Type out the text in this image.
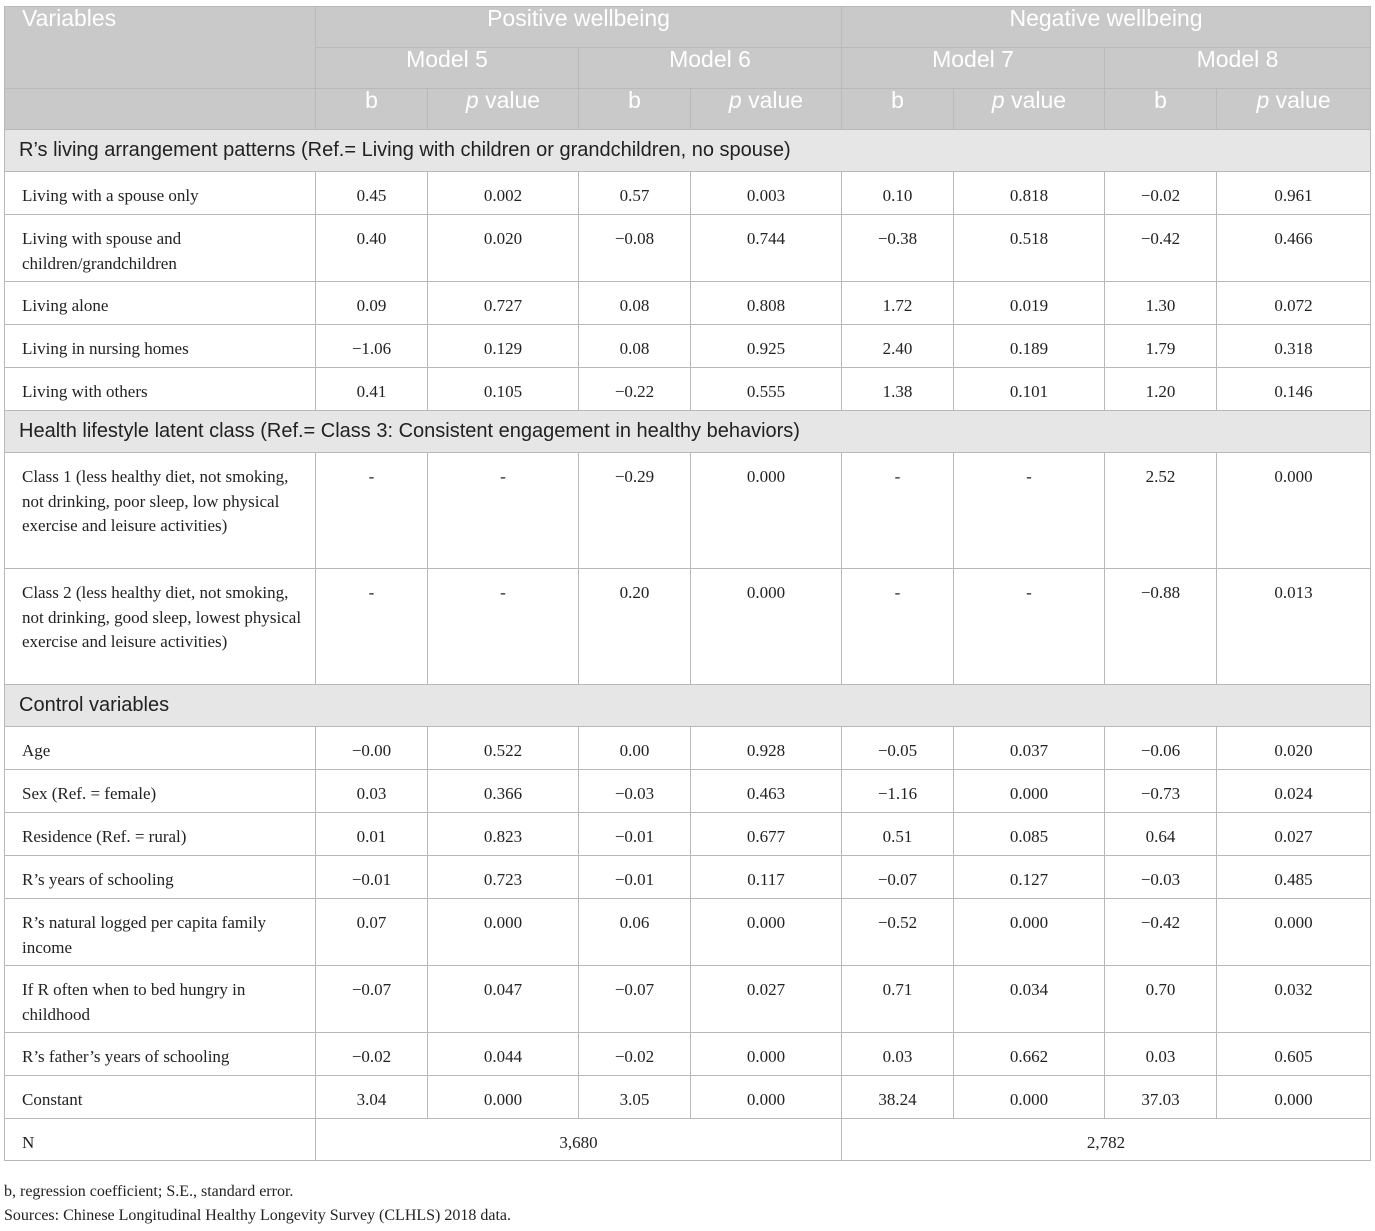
Variables	Positive wellbeing				Negative wellbeing			
	Model 5		Model 6		Model 7		Model 8	
	b	p value	b	p value	b	p value	b	p value
R’s living arrangement patterns (Ref.= Living with children or grandchildren, no spouse)								
Living with a spouse only	0.45	0.002	0.57	0.003	0.10	0.818	−0.02	0.961
Living with spouse and children/grandchildren	0.40	0.020	−0.08	0.744	−0.38	0.518	−0.42	0.466
Living alone	0.09	0.727	0.08	0.808	1.72	0.019	1.30	0.072
Living in nursing homes	−1.06	0.129	0.08	0.925	2.40	0.189	1.79	0.318
Living with others	0.41	0.105	−0.22	0.555	1.38	0.101	1.20	0.146
Health lifestyle latent class (Ref.= Class 3: Consistent engagement in healthy behaviors)								
Class 1 (less healthy diet, not smoking, not drinking, poor sleep, low physical exercise and leisure activities)	-	-	−0.29	0.000	-	-	2.52	0.000
Class 2 (less healthy diet, not smoking, not drinking, good sleep, lowest physical exercise and leisure activities)	-	-	0.20	0.000	-	-	−0.88	0.013
Control variables								
Age	−0.00	0.522	0.00	0.928	−0.05	0.037	−0.06	0.020
Sex (Ref. = female)	0.03	0.366	−0.03	0.463	−1.16	0.000	−0.73	0.024
Residence (Ref. = rural)	0.01	0.823	−0.01	0.677	0.51	0.085	0.64	0.027
R’s years of schooling	−0.01	0.723	−0.01	0.117	−0.07	0.127	−0.03	0.485
R’s natural logged per capita family income	0.07	0.000	0.06	0.000	−0.52	0.000	−0.42	0.000
If R often when to bed hungry in childhood	−0.07	0.047	−0.07	0.027	0.71	0.034	0.70	0.032
R’s father’s years of schooling	−0.02	0.044	−0.02	0.000	0.03	0.662	0.03	0.605
Constant	3.04	0.000	3.05	0.000	38.24	0.000	37.03	0.000
N	3,680				2,782			
b, regression coefficient; S.E., standard error.
Sources: Chinese Longitudinal Healthy Longevity Survey (CLHLS) 2018 data.
